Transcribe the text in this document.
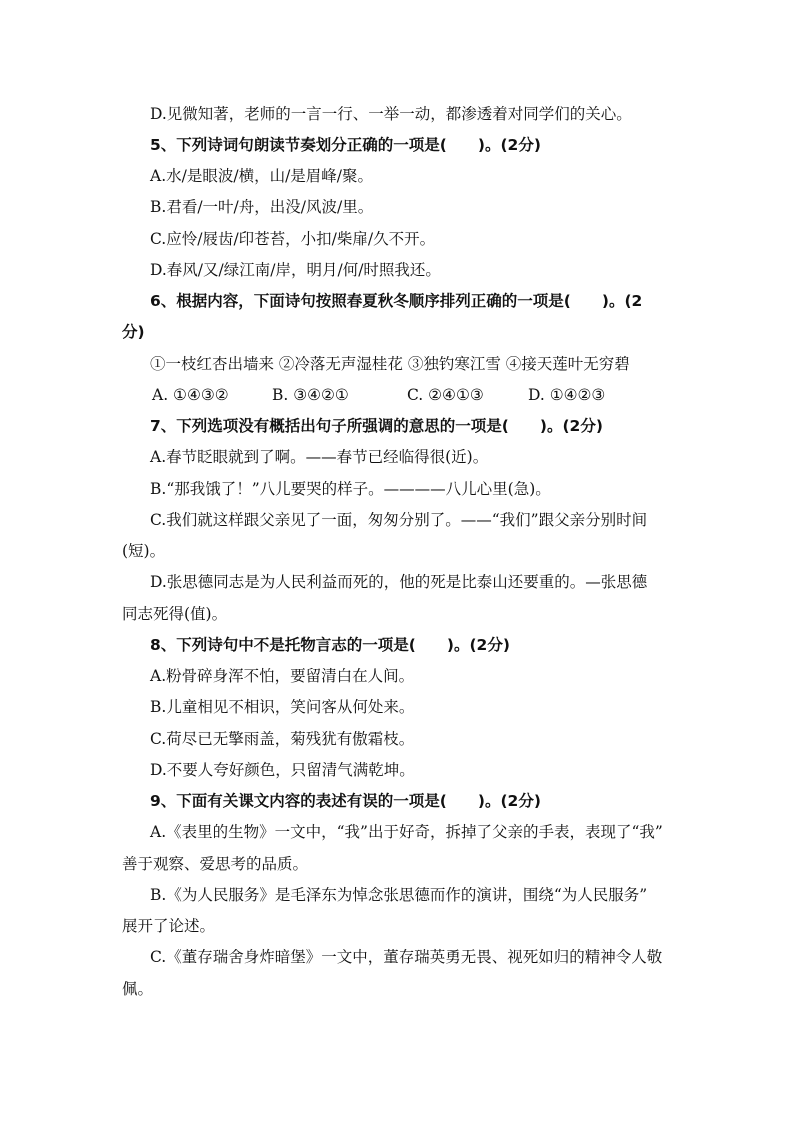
D.见微知著，老师的一言一行、一举一动，都渗透着对同学们的关心。
5、下列诗词句朗读节奏划分正确的一项是(　　)。(2分)
A.水/是眼波/横，山/是眉峰/聚。
B.君看/一叶/舟，出没/风波/里。
C.应怜/屐齿/印苍苔，小扣/柴扉/久不开。
D.春风/又/绿江南/岸，明月/何/时照我还。
6、根据内容，下面诗句按照春夏秋冬顺序排列正确的一项是(　　)。(2
分)
①一枝红杏出墙来 ②冷落无声湿桂花 ③独钓寒江雪 ④接天莲叶无穷碧
A. ①④③②	B. ③④②①	C. ②④①③	D. ①④②③
7、下列选项没有概括出句子所强调的意思的一项是(　　)。(2分)
A.春节眨眼就到了啊。——春节已经临得很(近)。
B.“那我饿了！”八儿要哭的样子。————八儿心里(急)。
C.我们就这样跟父亲见了一面，匆匆分别了。——“我们”跟父亲分别时间
(短)。
D.张思德同志是为人民利益而死的，他的死是比泰山还要重的。—张思德
同志死得(值)。
8、下列诗句中不是托物言志的一项是(　　)。(2分)
A.粉骨碎身浑不怕，要留清白在人间。
B.儿童相见不相识，笑问客从何处来。
C.荷尽已无擎雨盖，菊残犹有傲霜枝。
D.不要人夸好颜色，只留清气满乾坤。
9、下面有关课文内容的表述有误的一项是(　　)。(2分)
A.《表里的生物》一文中，“我”出于好奇，拆掉了父亲的手表，表现了“我”
善于观察、爱思考的品质。
B.《为人民服务》是毛泽东为悼念张思德而作的演讲，围绕“为人民服务”
展开了论述。
C.《董存瑞舍身炸暗堡》一文中，董存瑞英勇无畏、视死如归的精神令人敬
佩。
